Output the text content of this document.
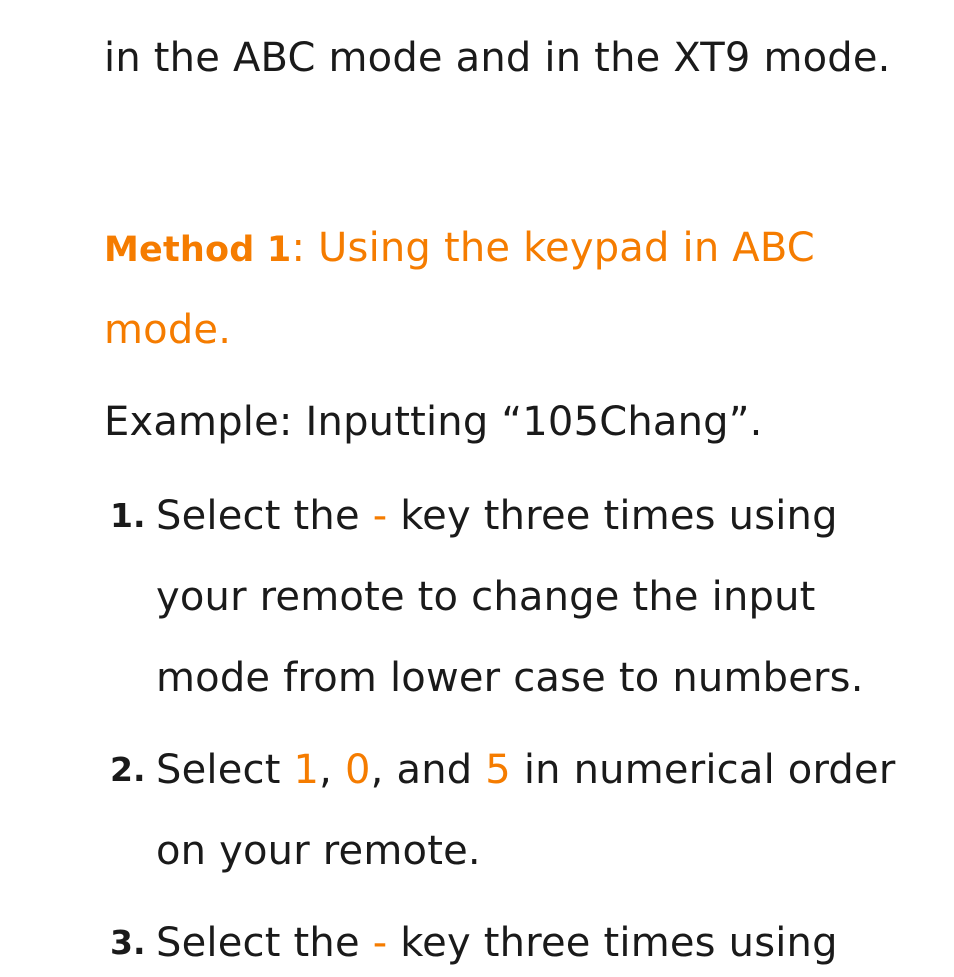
in the ABC mode and in the XT9 mode.
Method 1: Using the keypad in ABC
mode.
Example: Inputting “105Chang”.
1. Select the - key three times using
your remote to change the input
mode from lower case to numbers.
2. Select 1, 0, and 5 in numerical order
on your remote.
3. Select the - key three times using
